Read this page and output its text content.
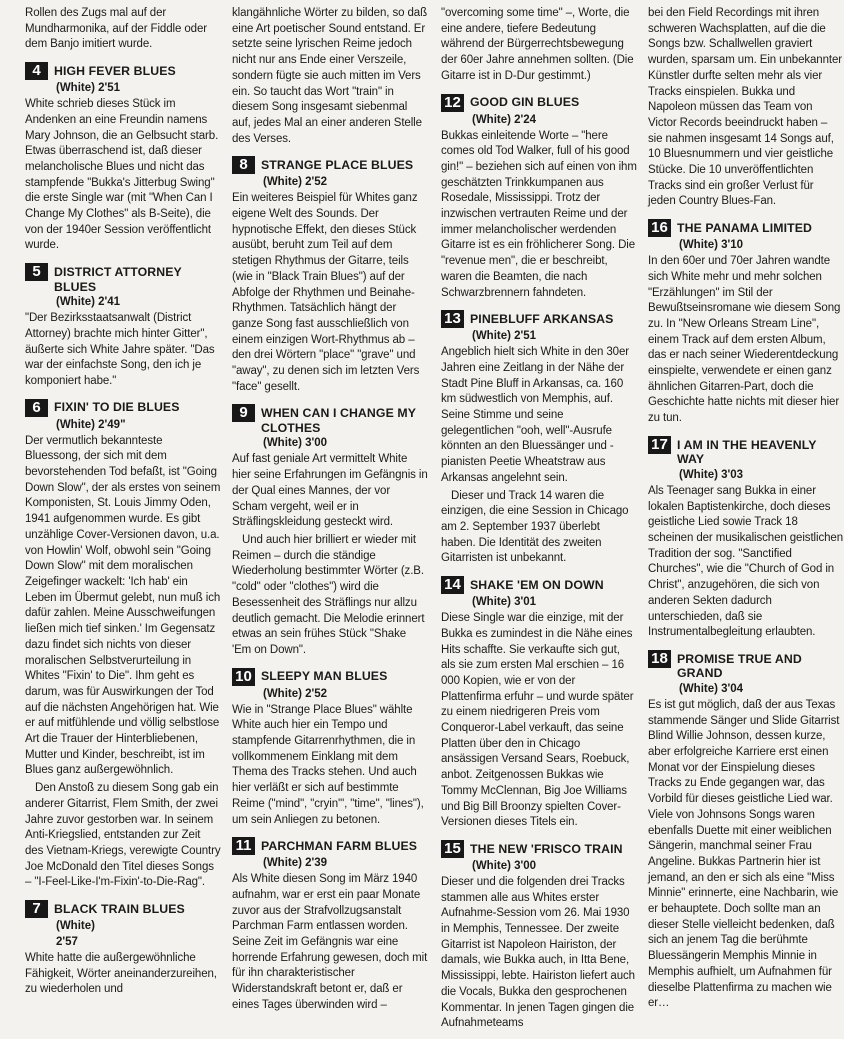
Rollen des Zugs mal auf der Mundharmonika, auf der Fiddle oder dem Banjo imitiert wurde.

4	HIGH FEVER BLUES
(White) 2'51

White schrieb dieses Stück im Andenken an eine Freundin namens Mary Johnson, die an Gelbsucht starb. Etwas überraschend ist, daß dieser melancholische Blues und nicht das stampfende "Bukka's Jitterbug Swing" die erste Single war (mit "When Can I Change My Clothes" als B-Seite), die von der 1940er Session veröffentlicht wurde.

5	DISTRICT ATTORNEY BLUES
(White) 2'41

"Der Bezirksstaatsanwalt (District Attorney) brachte mich hinter Gitter", äußerte sich White Jahre später. "Das war der einfachste Song, den ich je komponiert habe."

6	FIXIN' TO DIE BLUES
(White) 2'49"

Der vermutlich bekannteste Bluessong, der sich mit dem bevorstehenden Tod befaßt, ist "Going Down Slow", der als erstes von seinem Komponisten, St. Louis Jimmy Oden, 1941 aufgenommen wurde. Es gibt unzählige Cover-Versionen davon, u.a. von Howlin' Wolf, obwohl sein "Going Down Slow" mit dem moralischen Zeigefinger wackelt: 'Ich hab' ein Leben im Übermut gelebt, nun muß ich dafür zahlen. Meine Ausschweifungen ließen mich tief sinken.' Im Gegensatz dazu findet sich nichts von dieser moralischen Selbstverurteilung in Whites "Fixin' to Die". Ihm geht es darum, was für Auswirkungen der Tod auf die nächsten Angehörigen hat. Wie er auf mitfühlende und völlig selbstlose Art die Trauer der Hinterbliebenen, Mutter und Kinder, beschreibt, ist im Blues ganz außergewöhnlich.

Den Anstoß zu diesem Song gab ein anderer Gitarrist, Flem Smith, der zwei Jahre zuvor gestorben war. In seinem Anti-Kriegslied, entstanden zur Zeit des Vietnam-Kriegs, verewigte Country Joe McDonald den Titel dieses Songs – "I-Feel-Like-I'm-Fixin'-to-Die-Rag".

7	BLACK TRAIN BLUES
(White)
2'57

White hatte die außergewöhnliche Fähigkeit, Wörter aneinanderzureihen, zu wiederholen und

klangähnliche Wörter zu bilden, so daß eine Art poetischer Sound entstand. Er setzte seine lyrischen Reime jedoch nicht nur ans Ende einer Verszeile, sondern fügte sie auch mitten im Vers ein. So taucht das Wort "train" in diesem Song insgesamt siebenmal auf, jedes Mal an einer anderen Stelle des Verses.

8	STRANGE PLACE BLUES
(White) 2'52

Ein weiteres Beispiel für Whites ganz eigene Welt des Sounds. Der hypnotische Effekt, den dieses Stück ausübt, beruht zum Teil auf dem stetigen Rhythmus der Gitarre, teils (wie in "Black Train Blues") auf der Abfolge der Rhythmen und Beinahe-Rhythmen. Tatsächlich hängt der ganze Song fast ausschließlich von einem einzigen Wort-Rhythmus ab – den drei Wörtern "place" "grave" und "away", zu denen sich im letzten Vers "face" gesellt.

9	WHEN CAN I CHANGE MY CLOTHES
(White) 3'00

Auf fast geniale Art vermittelt White hier seine Erfahrungen im Gefängnis in der Qual eines Mannes, der vor Scham vergeht, weil er in Sträflingskleidung gesteckt wird.

Und auch hier brilliert er wieder mit Reimen – durch die ständige Wiederholung bestimmter Wörter (z.B. "cold" oder "clothes") wird die Besessenheit des Sträflings nur allzu deutlich gemacht. Die Melodie erinnert etwas an sein frühes Stück "Shake 'Em on Down".

10 SLEEPY MAN BLUES
(White) 2'52

Wie in "Strange Place Blues" wählte White auch hier ein Tempo und stampfende Gitarrenrhythmen, die in vollkommenem Einklang mit dem Thema des Tracks stehen. Und auch hier verläßt er sich auf bestimmte Reime ("mind", "cryin'", "time", "lines"), um sein Anliegen zu betonen.

11 PARCHMAN FARM BLUES
(White) 2'39

Als White diesen Song im März 1940 aufnahm, war er erst ein paar Monate zuvor aus der Strafvollzugsanstalt Parchman Farm entlassen worden. Seine Zeit im Gefängnis war eine horrende Erfahrung gewesen, doch mit für ihn charakteristischer Widerstandskraft betont er, daß er eines Tages überwinden wird –

"overcoming some time" –, Worte, die eine andere, tiefere Bedeutung während der Bürgerrechtsbewegung der 60er Jahre annehmen sollten. (Die Gitarre ist in D-Dur gestimmt.)

12 GOOD GIN BLUES
(White) 2'24

Bukkas einleitende Worte – "here comes old Tod Walker, full of his good gin!" – beziehen sich auf einen von ihm geschätzten Trinkkumpanen aus Rosedale, Mississippi. Trotz der inzwischen vertrauten Reime und der immer melancholischer werdenden Gitarre ist es ein fröhlicherer Song. Die "revenue men", die er beschreibt, waren die Beamten, die nach Schwarzbrennern fahndeten.

13 PINEBLUFF ARKANSAS
(White) 2'51

Angeblich hielt sich White in den 30er Jahren eine Zeitlang in der Nähe der Stadt Pine Bluff in Arkansas, ca. 160 km südwestlich von Memphis, auf. Seine Stimme und seine gelegentlichen "ooh, well"-Ausrufe könnten an den Bluessänger und -pianisten Peetie Wheatstraw aus Arkansas angelehnt sein.

Dieser und Track 14 waren die einzigen, die eine Session in Chicago am 2. September 1937 überlebt haben. Die Identität des zweiten Gitarristen ist unbekannt.

14 SHAKE 'EM ON DOWN
(White) 3'01

Diese Single war die einzige, mit der Bukka es zumindest in die Nähe eines Hits schaffte. Sie verkaufte sich gut, als sie zum ersten Mal erschien – 16 000 Kopien, wie er von der Plattenfirma erfuhr – und wurde später zu einem niedrigeren Preis vom Conqueror-Label verkauft, das seine Platten über den in Chicago ansässigen Versand Sears, Roebuck, anbot. Zeitgenossen Bukkas wie Tommy McClennan, Big Joe Williams und Big Bill Broonzy spielten Cover-Versionen dieses Titels ein.

15 THE NEW 'FRISCO TRAIN
(White) 3'00

Dieser und die folgenden drei Tracks stammen alle aus Whites erster Aufnahme-Session vom 26. Mai 1930 in Memphis, Tennessee. Der zweite Gitarrist ist Napoleon Hairiston, der damals, wie Bukka auch, in Itta Bene, Mississippi, lebte. Hairiston liefert auch die Vocals, Bukka den gesprochenen Kommentar. In jenen Tagen gingen die Aufnahmeteams

bei den Field Recordings mit ihren schweren Wachsplatten, auf die die Songs bzw. Schallwellen graviert wurden, sparsam um. Ein unbekannter Künstler durfte selten mehr als vier Tracks einspielen. Bukka und Napoleon müssen das Team von Victor Records beeindruckt haben – sie nahmen insgesamt 14 Songs auf, 10 Bluesnummern und vier geistliche Stücke. Die 10 unveröffentlichten Tracks sind ein großer Verlust für jeden Country Blues-Fan.

16 THE PANAMA LIMITED
(White) 3'10

In den 60er und 70er Jahren wandte sich White mehr und mehr solchen "Erzählungen" im Stil der Bewußtseinsromane wie diesem Song zu. In "New Orleans Stream Line", einem Track auf dem ersten Album, das er nach seiner Wiederentdeckung einspielte, verwendete er einen ganz ähnlichen Gitarren-Part, doch die Geschichte hatte nichts mit dieser hier zu tun.

17 I AM IN THE HEAVENLY WAY
(White) 3'03

Als Teenager sang Bukka in einer lokalen Baptistenkirche, doch dieses geistliche Lied sowie Track 18 scheinen der musikalischen geistlichen Tradition der sog. "Sanctified Churches", wie die "Church of God in Christ", anzugehören, die sich von anderen Sekten dadurch unterschieden, daß sie Instrumentalbegleitung erlaubten.

18 PROMISE TRUE AND GRAND
(White) 3'04

Es ist gut möglich, daß der aus Texas stammende Sänger und Slide Gitarrist Blind Willie Johnson, dessen kurze, aber erfolgreiche Karriere erst einen Monat vor der Einspielung dieses Tracks zu Ende gegangen war, das Vorbild für dieses geistliche Lied war. Viele von Johnsons Songs waren ebenfalls Duette mit einer weiblichen Sängerin, manchmal seiner Frau Angeline. Bukkas Partnerin hier ist jemand, an den er sich als eine "Miss Minnie" erinnerte, eine Nachbarin, wie er behauptete. Doch sollte man an dieser Stelle vielleicht bedenken, daß sich an jenem Tag die berühmte Bluessängerin Memphis Minnie in Memphis aufhielt, um Aufnahmen für dieselbe Plattenfirma zu machen wie er…
